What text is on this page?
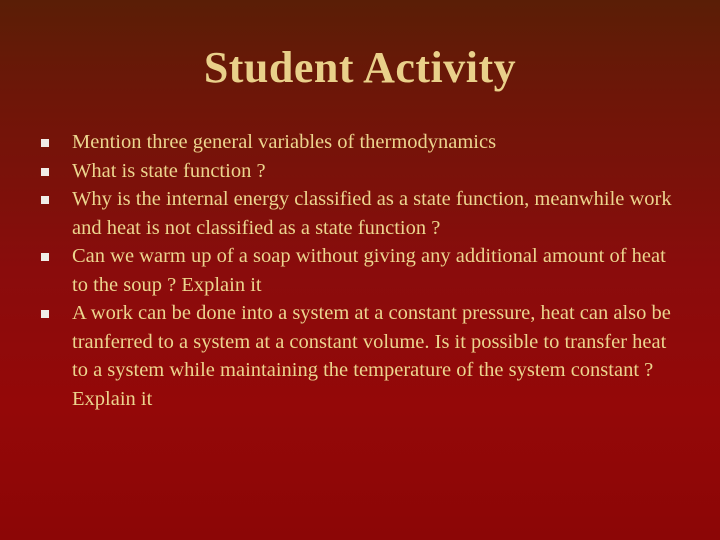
Student Activity
Mention three general variables of thermodynamics
What is state function ?
Why is the internal energy classified as a state function, meanwhile work and heat is not classified as a state function ?
Can we warm up of a soap without giving any additional amount of heat to the soup ? Explain it
A work can be done into a system at a constant pressure, heat can also be tranferred to a system at a constant volume. Is it possible to transfer heat to a system while maintaining the temperature of the system constant ? Explain it
